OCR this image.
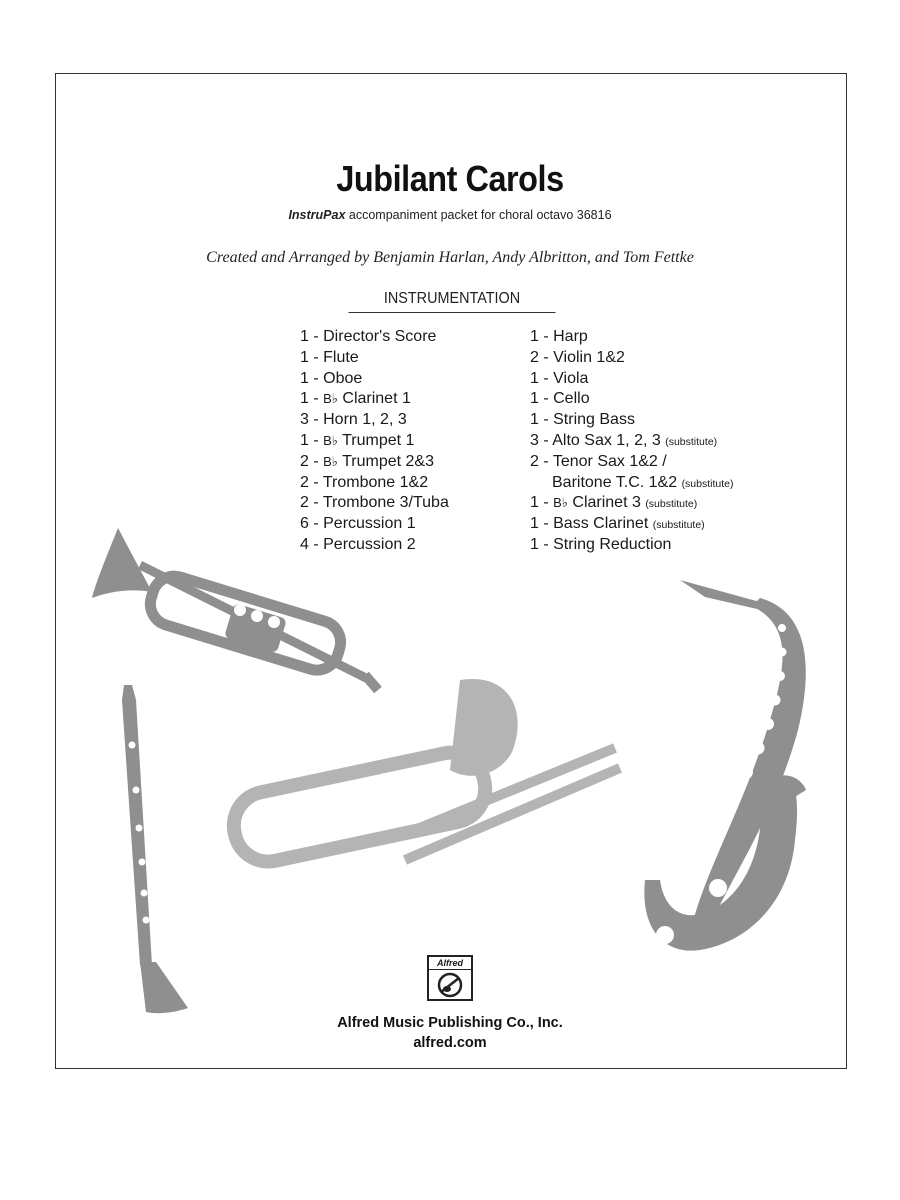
Jubilant Carols
InstruPax accompaniment packet for choral octavo 36816
Created and Arranged by Benjamin Harlan, Andy Albritton, and Tom Fettke
INSTRUMENTATION
1 - Director's Score
1 - Flute
1 - Oboe
1 - B♭ Clarinet 1
3 - Horn 1, 2, 3
1 - B♭ Trumpet 1
2 - B♭ Trumpet 2&3
2 - Trombone 1&2
2 - Trombone 3/Tuba
6 - Percussion 1
4 - Percussion 2
1 - Harp
2 - Violin 1&2
1 - Viola
1 - Cello
1 - String Bass
3 - Alto Sax 1, 2, 3 (substitute)
2 - Tenor Sax 1&2 /
Baritone T.C. 1&2 (substitute)
1 - B♭ Clarinet 3 (substitute)
1 - Bass Clarinet (substitute)
1 - String Reduction
Alfred
Alfred Music Publishing Co., Inc.
alfred.com
